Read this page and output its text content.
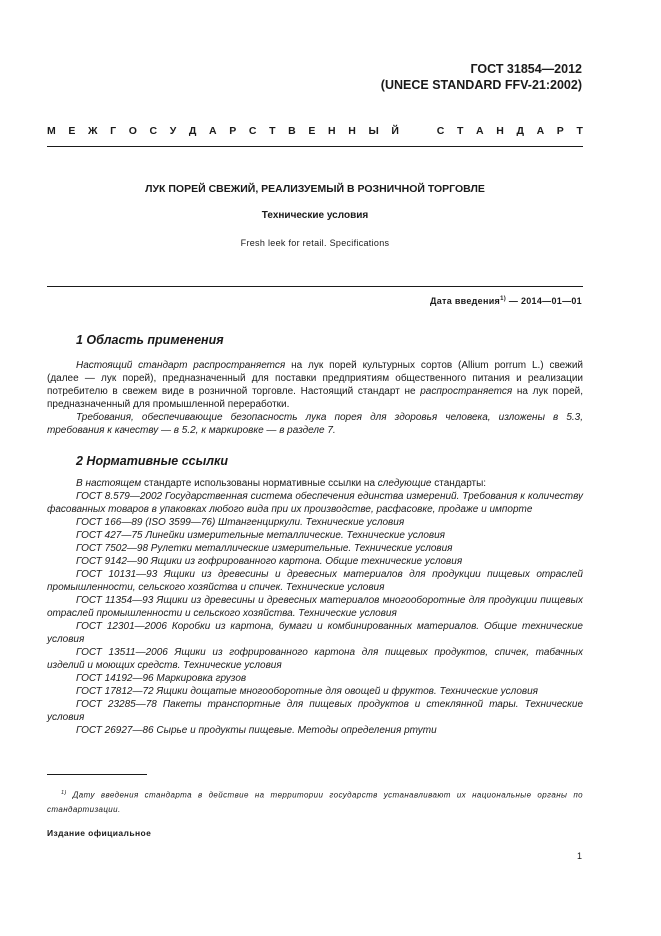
ГОСТ 31854—2012
(UNECE STANDARD FFV-21:2002)
М Е Ж Г О С У Д А Р С Т В Е Н Н Ы Й	С Т А Н Д А Р Т
ЛУК ПОРЕЙ СВЕЖИЙ, РЕАЛИЗУЕМЫЙ В РОЗНИЧНОЙ ТОРГОВЛЕ
Технические условия
Fresh leek for retail. Specifications
Дата введения$^{1)}$ — 2014—01—01
1 Область применения

Настоящий стандарт распространяется на лук порей культурных сортов (Allium porrum L.) свежий (далее — лук порей), предназначенный для поставки предприятиям общественного питания и реализации потребителю в свежем виде в розничной торговле. Настоящий стандарт не распространяется на лук порей, предназначенный для промышленной переработки.

Требования, обеспечивающие безопасность лука порея для здоровья человека, изложены в 5.3, требования к качеству — в 5.2, к маркировке — в разделе 7.

2 Нормативные ссылки

В настоящем стандарте использованы нормативные ссылки на следующие стандарты:

ГОСТ 8.579—2002 Государственная система обеспечения единства измерений. Требования к количеству фасованных товаров в упаковках любого вида при их производстве, расфасовке, продаже и импорте

ГОСТ 166—89 (ISO 3599—76) Штангенциркули. Технические условия

ГОСТ 427—75 Линейки измерительные металлические. Технические условия

ГОСТ 7502—98 Рулетки металлические измерительные. Технические условия

ГОСТ 9142—90 Ящики из гофрированного картона. Общие технические условия

ГОСТ 10131—93 Ящики из древесины и древесных материалов для продукции пищевых отраслей промышленности, сельского хозяйства и спичек. Технические условия

ГОСТ 11354—93 Ящики из древесины и древесных материалов многооборотные для продукции пищевых отраслей промышленности и сельского хозяйства. Технические условия

ГОСТ 12301—2006 Коробки из картона, бумаги и комбинированных материалов. Общие технические условия

ГОСТ 13511—2006 Ящики из гофрированного картона для пищевых продуктов, спичек, табачных изделий и моющих средств. Технические условия

ГОСТ 14192—96 Маркировка грузов

ГОСТ 17812—72 Ящики дощатые многооборотные для овощей и фруктов. Технические условия

ГОСТ 23285—78 Пакеты транспортные для пищевых продуктов и стеклянной тары. Технические условия

ГОСТ 26927—86 Сырье и продукты пищевые. Методы определения ртути

$^{1)}$ Дату введения стандарта в действие на территории государств устанавливают их национальные органы по стандартизации.

Издание официальное
1
